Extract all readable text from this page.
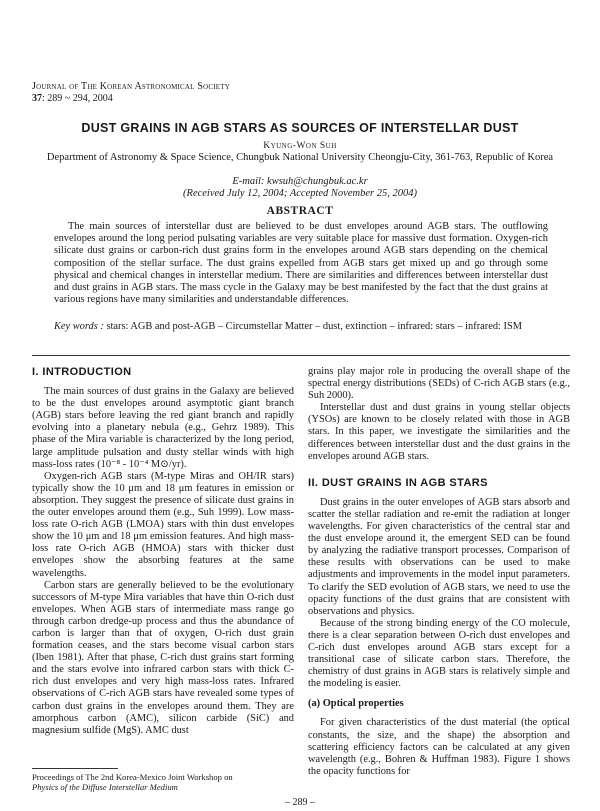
Journal of The Korean Astronomical Society
37: 289 ~ 294, 2004
DUST GRAINS IN AGB STARS AS SOURCES OF INTERSTELLAR DUST
Kyung-Won Suh
Department of Astronomy & Space Science, Chungbuk National University Cheongju-City, 361-763, Republic of Korea
E-mail: kwsuh@chungbuk.ac.kr
(Received July 12, 2004; Accepted November 25, 2004)
ABSTRACT
The main sources of interstellar dust are believed to be dust envelopes around AGB stars. The outflowing envelopes around the long period pulsating variables are very suitable place for massive dust formation. Oxygen-rich silicate dust grains or carbon-rich dust grains form in the envelopes around AGB stars depending on the chemical composition of the stellar surface. The dust grains expelled from AGB stars get mixed up and go through some physical and chemical changes in interstellar medium. There are similarities and differences between interstellar dust and dust grains in AGB stars. The mass cycle in the Galaxy may be best manifested by the fact that the dust grains at various regions have many similarities and understandable differences.
Key words : stars: AGB and post-AGB – Circumstellar Matter – dust, extinction – infrared: stars – infrared: ISM
I. INTRODUCTION

The main sources of dust grains in the Galaxy are believed to be the dust envelopes around asymptotic giant branch (AGB) stars before leaving the red giant branch and rapidly evolving into a planetary nebula (e.g., Gehrz 1989). This phase of the Mira variable is characterized by the long period, large amplitude pulsation and dusty stellar winds with high mass-loss rates (10⁻⁸ - 10⁻⁴ M⊙/yr).

Oxygen-rich AGB stars (M-type Miras and OH/IR stars) typically show the 10 μm and 18 μm features in emission or absorption. They suggest the presence of silicate dust grains in the outer envelopes around them (e.g., Suh 1999). Low mass-loss rate O-rich AGB (LMOA) stars with thin dust envelopes show the 10 μm and 18 μm emission features. And high mass-loss rate O-rich AGB (HMOA) stars with thicker dust envelopes show the absorbing features at the same wavelengths.

Carbon stars are generally believed to be the evolutionary successors of M-type Mira variables that have thin O-rich dust envelopes. When AGB stars of intermediate mass range go through carbon dredge-up process and thus the abundance of carbon is larger than that of oxygen, O-rich dust grain formation ceases, and the stars become visual carbon stars (Iben 1981). After that phase, C-rich dust grains start forming and the stars evolve into infrared carbon stars with thick C-rich dust envelopes and very high mass-loss rates. Infrared observations of C-rich AGB stars have revealed some types of carbon dust grains in the envelopes around them. They are amorphous carbon (AMC), silicon carbide (SiC) and magnesium sulfide (MgS). AMC dust

grains play major role in producing the overall shape of the spectral energy distributions (SEDs) of C-rich AGB stars (e.g., Suh 2000).

Interstellar dust and dust grains in young stellar objects (YSOs) are known to be closely related with those in AGB stars. In this paper, we investigate the similarities and the differences between interstellar dust and the dust grains in the envelopes around AGB stars.

II. DUST GRAINS IN AGB STARS

Dust grains in the outer envelopes of AGB stars absorb and scatter the stellar radiation and re-emit the radiation at longer wavelengths. For given characteristics of the central star and the dust envelope around it, the emergent SED can be found by analyzing the radiative transport processes. Comparison of these results with observations can be used to make adjustments and improvements in the model input parameters. To clarify the SED evolution of AGB stars, we need to use the opacity functions of the dust grains that are consistent with observations and physics.

Because of the strong binding energy of the CO molecule, there is a clear separation between O-rich dust envelopes and C-rich dust envelopes around AGB stars except for a transitional case of silicate carbon stars. Therefore, the chemistry of dust grains in AGB stars is relatively simple and the modeling is easier.

(a) Optical properties

For given characteristics of the dust material (the optical constants, the size, and the shape) the absorption and scattering efficiency factors can be calculated at any given wavelength (e.g., Bohren & Huffman 1983). Figure 1 shows the opacity functions for

Proceedings of The 2nd Korea-Mexico Joint Workshop on
Physics of the Diffuse Interstellar Medium
– 289 –
